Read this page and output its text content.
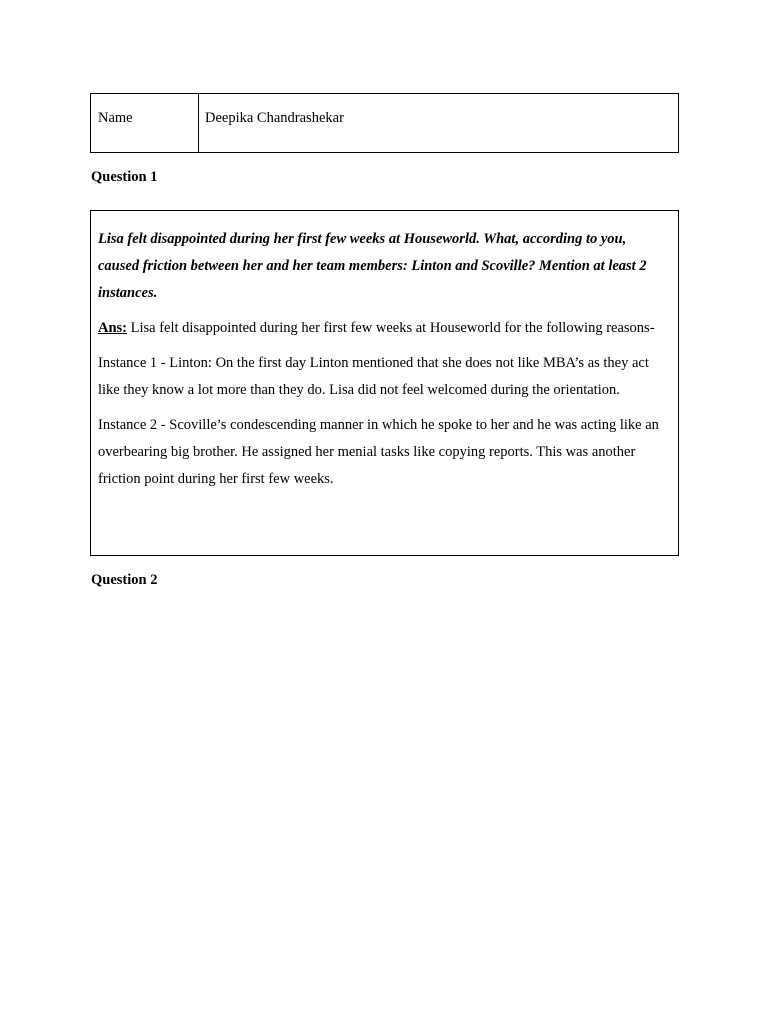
Name	Deepika Chandrashekar
Question 1

Lisa felt disappointed during her first few weeks at Houseworld. What, according to you, caused friction between her and her team members: Linton and Scoville? Mention at least 2 instances.

Ans: Lisa felt disappointed during her first few weeks at Houseworld for the following reasons-

Instance 1 - Linton: On the first day Linton mentioned that she does not like MBA’s as they act like they know a lot more than they do. Lisa did not feel welcomed during the orientation.

Instance 2 - Scoville’s condescending manner in which he spoke to her and he was acting like an overbearing big brother. He assigned her menial tasks like copying reports. This was another friction point during her first few weeks.

Question 2
